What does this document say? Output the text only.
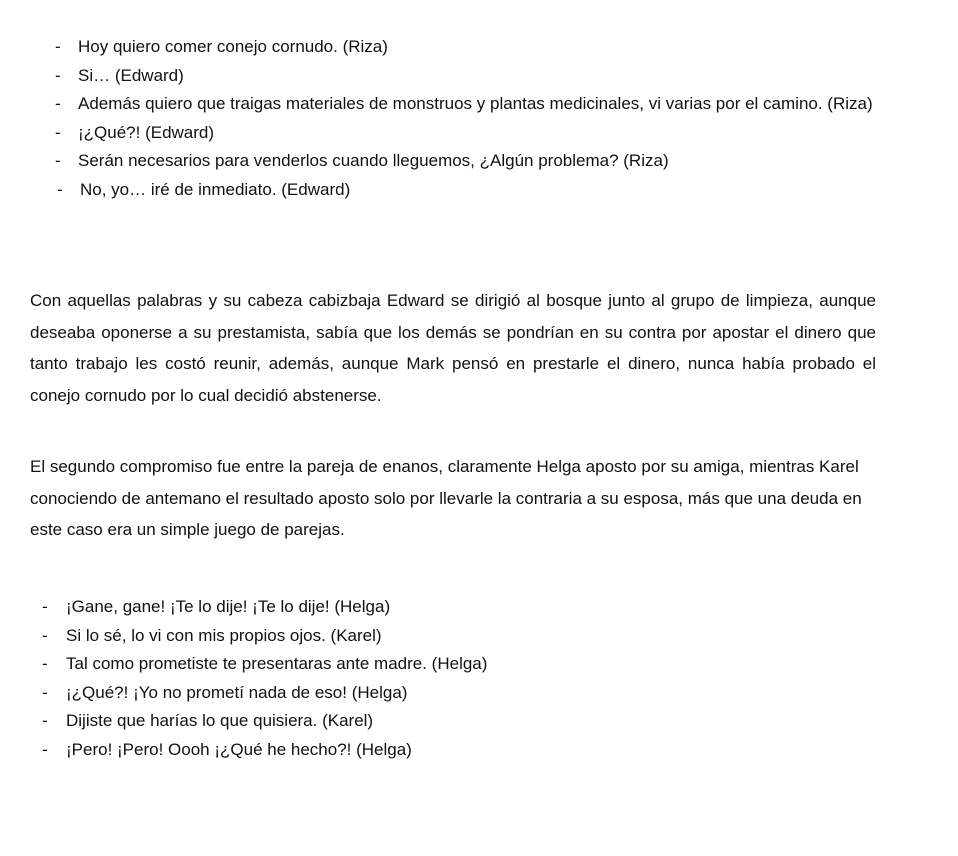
- Hoy quiero comer conejo cornudo. (Riza)
- Si… (Edward)
- Además quiero que traigas materiales de monstruos y plantas medicinales, vi varias por el camino. (Riza)
- ¡¿Qué?! (Edward)
- Serán necesarios para venderlos cuando lleguemos, ¿Algún problema? (Riza)
- No, yo… iré de inmediato. (Edward)

Con aquellas palabras y su cabeza cabizbaja Edward se dirigió al bosque junto al grupo de limpieza, aunque deseaba oponerse a su prestamista, sabía que los demás se pondrían en su contra por apostar el dinero que tanto trabajo les costó reunir, además, aunque Mark pensó en prestarle el dinero, nunca había probado el conejo cornudo por lo cual decidió abstenerse.

El segundo compromiso fue entre la pareja de enanos, claramente Helga aposto por su amiga, mientras Karel conociendo de antemano el resultado aposto solo por llevarle la contraria a su esposa, más que una deuda en este caso era un simple juego de parejas.

- ¡Gane, gane! ¡Te lo dije! ¡Te lo dije! (Helga)
- Si lo sé, lo vi con mis propios ojos. (Karel)
- Tal como prometiste te presentaras ante madre. (Helga)
- ¡¿Qué?! ¡Yo no prometí nada de eso! (Helga)
- Dijiste que harías lo que quisiera. (Karel)
- ¡Pero! ¡Pero! Oooh ¡¿Qué he hecho?! (Helga)
